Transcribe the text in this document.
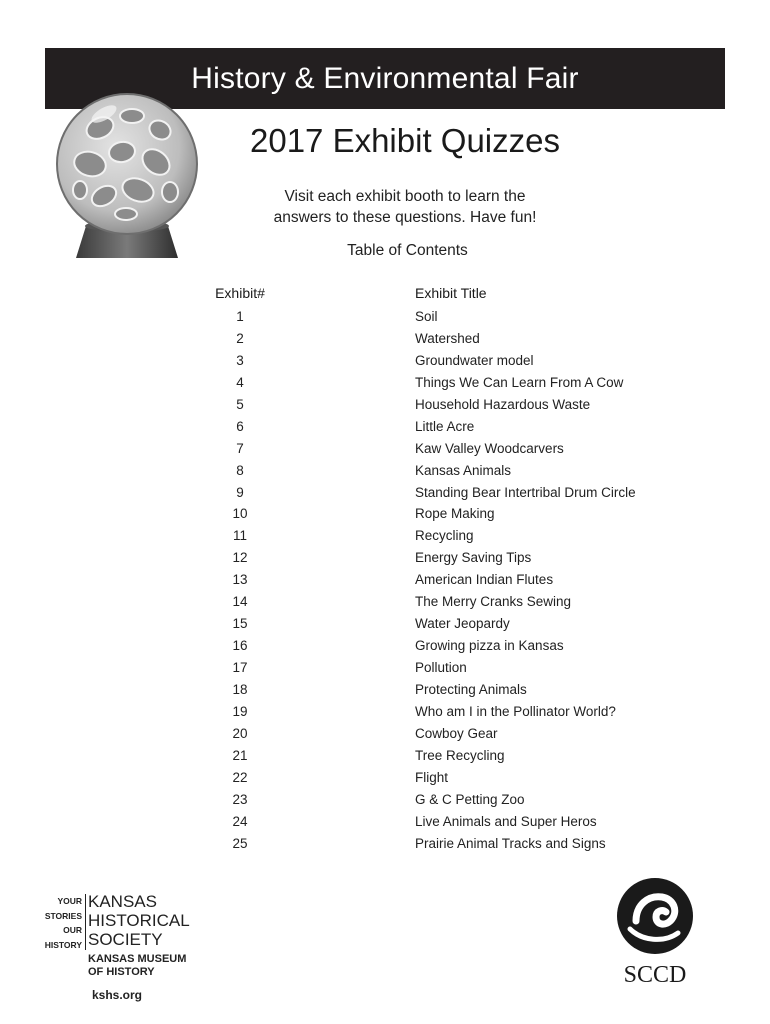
History & Environmental Fair
2017 Exhibit Quizzes
Visit each exhibit booth to learn the
answers to these questions. Have fun!
Table of Contents
Exhibit#	Exhibit Title
1	Soil
2	Watershed
3	Groundwater model
4	Things We Can Learn From A Cow
5	Household Hazardous Waste
6	Little Acre
7	Kaw Valley Woodcarvers
8	Kansas Animals
9	Standing Bear Intertribal Drum Circle
10	Rope Making
11	Recycling
12	Energy Saving Tips
13	American Indian Flutes
14	The Merry Cranks Sewing
15	Water Jeopardy
16	Growing pizza in Kansas
17	Pollution
18	Protecting Animals
19	Who am I in the Pollinator World?
20	Cowboy Gear
21	Tree Recycling
22	Flight
23	G & C Petting Zoo
24	Live Animals and Super Heros
25	Prairie Animal Tracks and Signs
YOUR
STORIES
OUR
HISTORY
KANSAS
HISTORICAL
SOCIETY
KANSAS MUSEUM
OF HISTORY
kshs.org
SCCD
